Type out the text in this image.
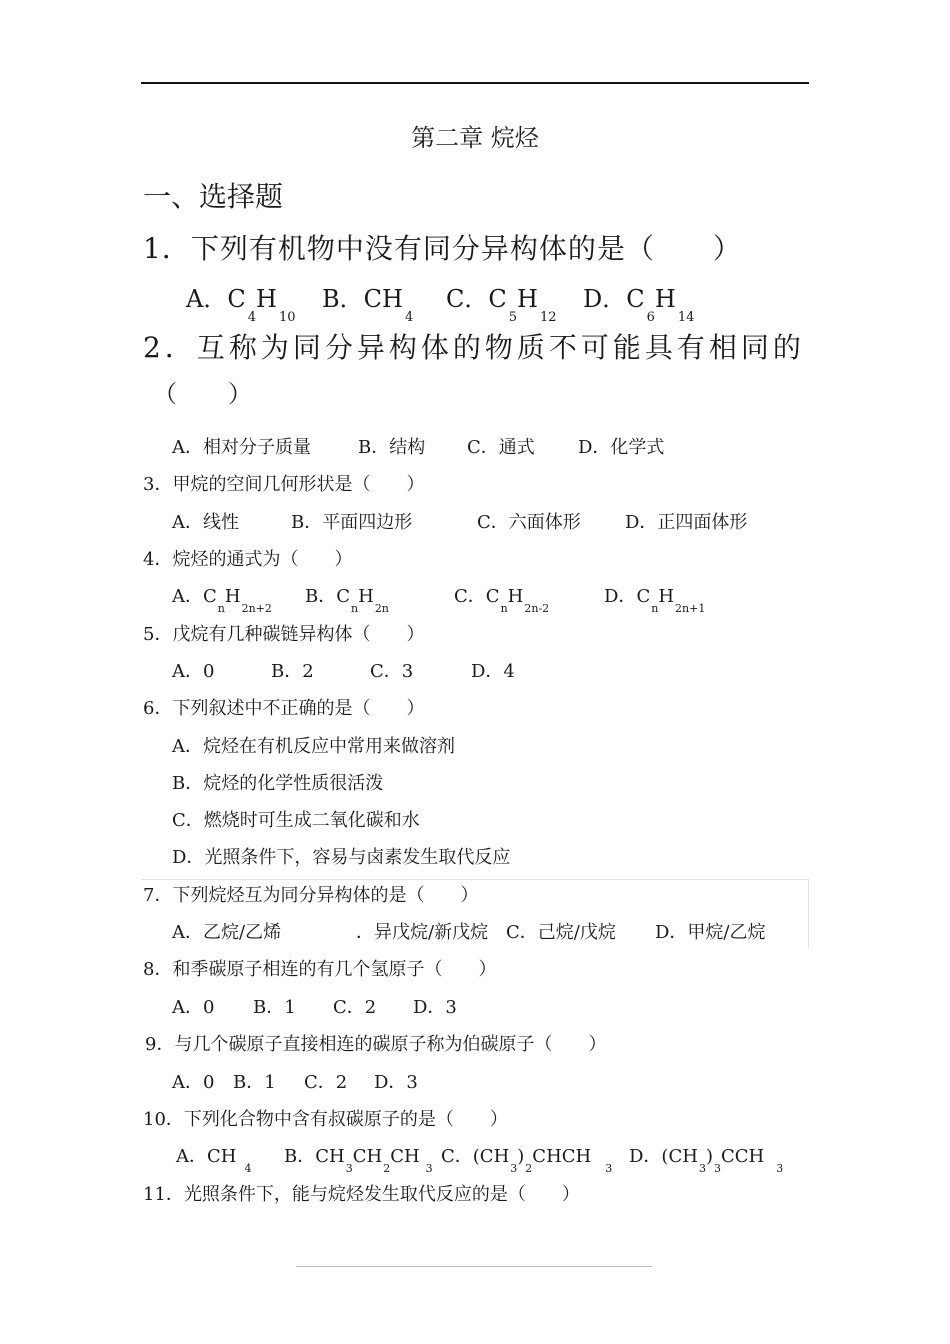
第二章 烷烃
一、选择题
1．下列有机物中没有同分异构体的是（　　）
A．$C_4H_{10}$
B．$CH_4$
C．$C_5H_{12}$
D．$C_6H_{14}$
2．互称为同分异构体的物质不可能具有相同的
（　　）
A．相对分子质量	B．结构 C．通式 D．化学式
3．甲烷的空间几何形状是（　　）
A．线性	B．平面四边形	C．六面体形 D．正四面体形
4．烷烃的通式为（　　）
A．$C_nH_{2n+2}$
B．$C_nH_{2n}$
C．$C_nH_{2n-2}$
D．$C_nH_{2n+1}$
5．戊烷有几种碳链异构体（　　）
A．0	B．2	C．3	D．4
6．下列叙述中不正确的是（　　）
A．烷烃在有机反应中常用来做溶剂
B．烷烃的化学性质很活泼
C．燃烧时可生成二氧化碳和水
D．光照条件下，容易与卤素发生取代反应
7．下列烷烃互为同分异构体的是（　　）
A．乙烷/乙烯	．异戊烷/新戊烷 C．己烷/戊烷 D．甲烷/乙烷
8．和季碳原子相连的有几个氢原子（　　）
A．0 B．1 C．2 D．3
9．与几个碳原子直接相连的碳原子称为伯碳原子（　　）
A．0 B．1 C．2 D．3
10．下列化合物中含有叔碳原子的是（　　）
A．$CH_4$
B．$CH_3CH_2CH_3$
C．$(CH_3)_2CHCH_3$
D．$(CH_3)_3CCH_3$
11．光照条件下，能与烷烃发生取代反应的是（　　）
